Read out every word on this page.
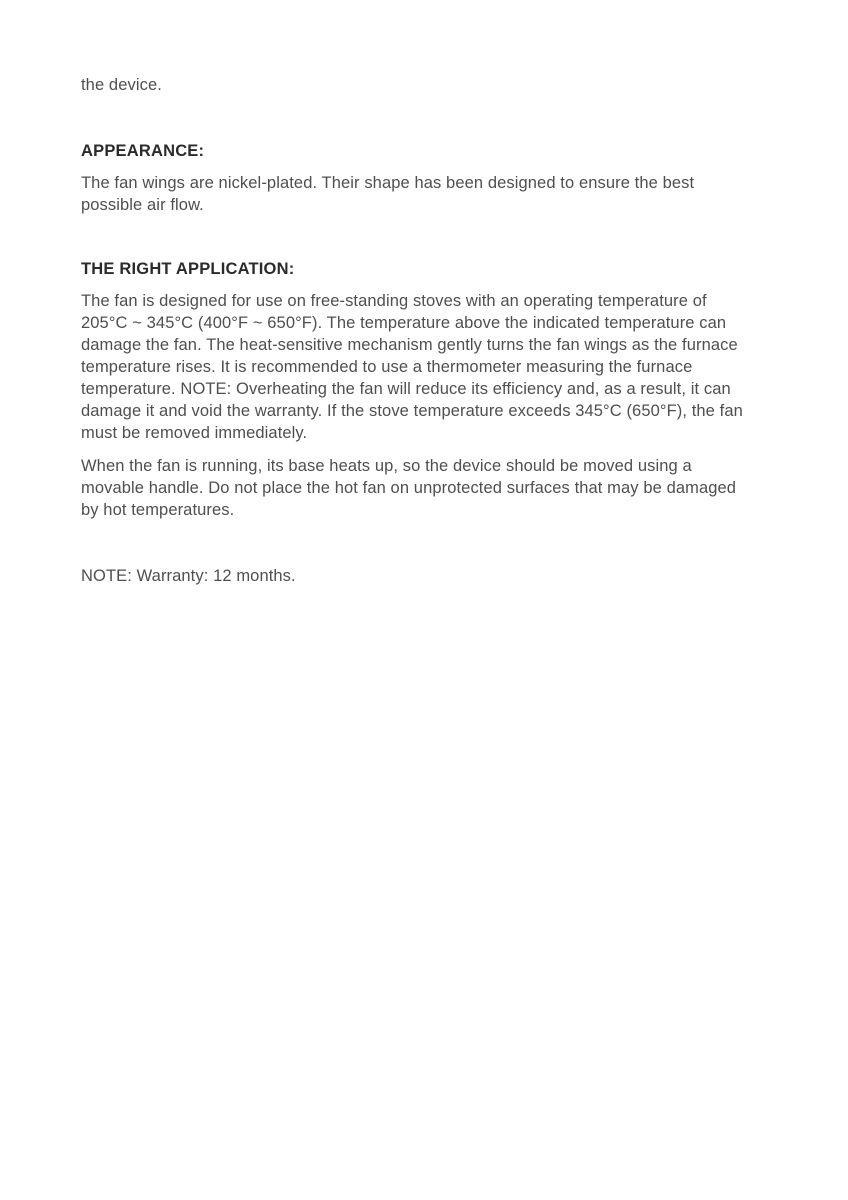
the device.

APPEARANCE:

The fan wings are nickel-plated. Their shape has been designed to ensure the best possible air flow.

THE RIGHT APPLICATION:

The fan is designed for use on free-standing stoves with an operating temperature of 205°C ~ 345°C (400°F ~ 650°F). The temperature above the indicated temperature can damage the fan. The heat-sensitive mechanism gently turns the fan wings as the furnace temperature rises. It is recommended to use a thermometer measuring the furnace temperature. NOTE: Overheating the fan will reduce its efficiency and, as a result, it can damage it and void the warranty. If the stove temperature exceeds 345°C (650°F), the fan must be removed immediately.

When the fan is running, its base heats up, so the device should be moved using a movable handle. Do not place the hot fan on unprotected surfaces that may be damaged by hot temperatures.

NOTE: Warranty: 12 months.
